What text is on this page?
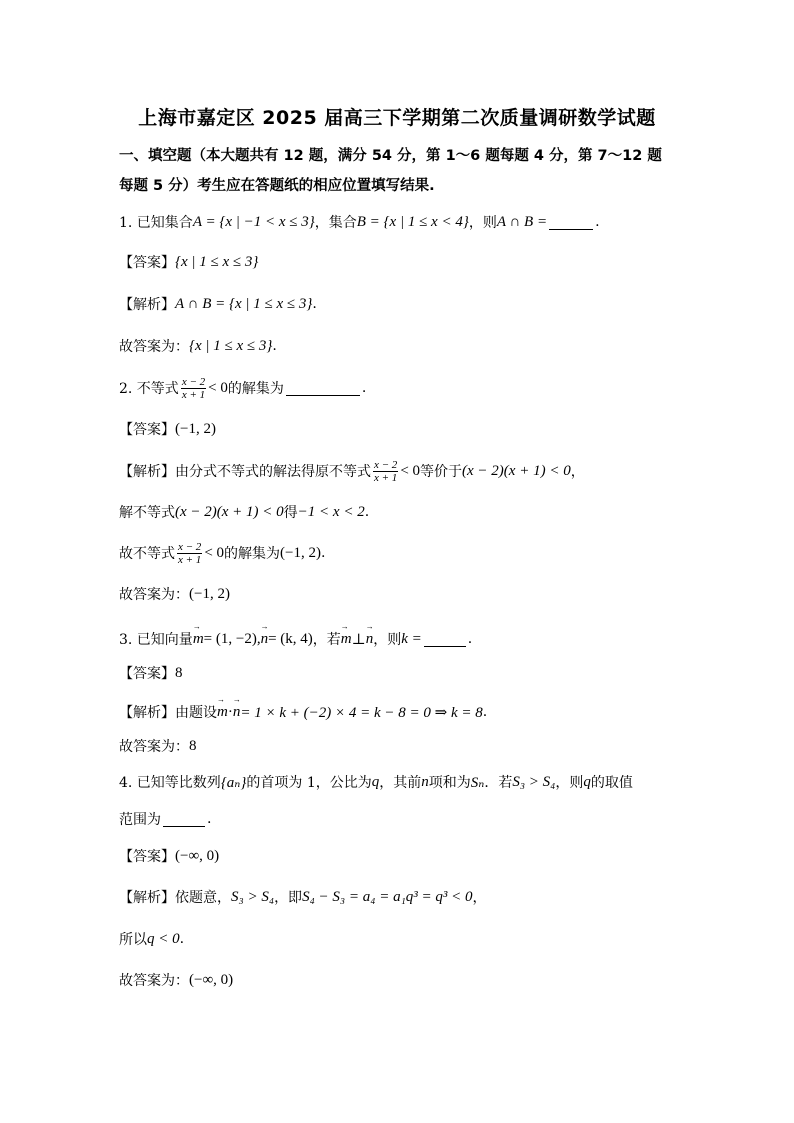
上海市嘉定区 2025 届高三下学期第二次质量调研数学试题
一、填空题（本大题共有 12 题，满分 54 分，第 1～6 题每题 4 分，第 7～12 题
每题 5 分）考生应在答题纸的相应位置填写结果.
1. 已知集合 A = {x | −1 < x ≤ 3} ，集合 B = {x | 1 ≤ x < 4} ，则 A ∩ B =	.
【答案】 {x | 1 ≤ x ≤ 3}
【解析】 A ∩ B = {x | 1 ≤ x ≤ 3} .
故答案为： {x | 1 ≤ x ≤ 3} .
2. 不等式 $\frac{x - 2}{x + 1} < 0$ 的解集为	.
【答案】 (−1, 2)
【解析】 由分式不等式的解法得原不等式 $\frac{x - 2}{x + 1} < 0$ 等价于 (x − 2)(x + 1) < 0 ，
解不等式 (x − 2)(x + 1) < 0 得 −1 < x < 2 .
故不等式 $\frac{x - 2}{x + 1} < 0$ 的解集为 (−1, 2) .
故答案为： (−1, 2)
3. 已知向量 → m = (1, −2), → n = (k, 4) ，若 → m ⊥ → n ，则 k =	.
【答案】 8
【解析】 由题设 → m · → n = 1 × k + (−2) × 4 = k − 8 = 0 ⇒ k = 8 .
故答案为： 8
4. 已知等比数列 {aₙ} 的首项为 1，公比为 q ，其前 n 项和为 Sₙ ．若 S₃ > S₄ ，则 q 的取值
范围为	.
【答案】 (−∞, 0)
【解析】 依题意， S₃ > S₄ ，即 S₄ − S₃ = a₄ = a₁q³ = q³ < 0 ，
所以 q < 0 .
故答案为： (−∞, 0)
